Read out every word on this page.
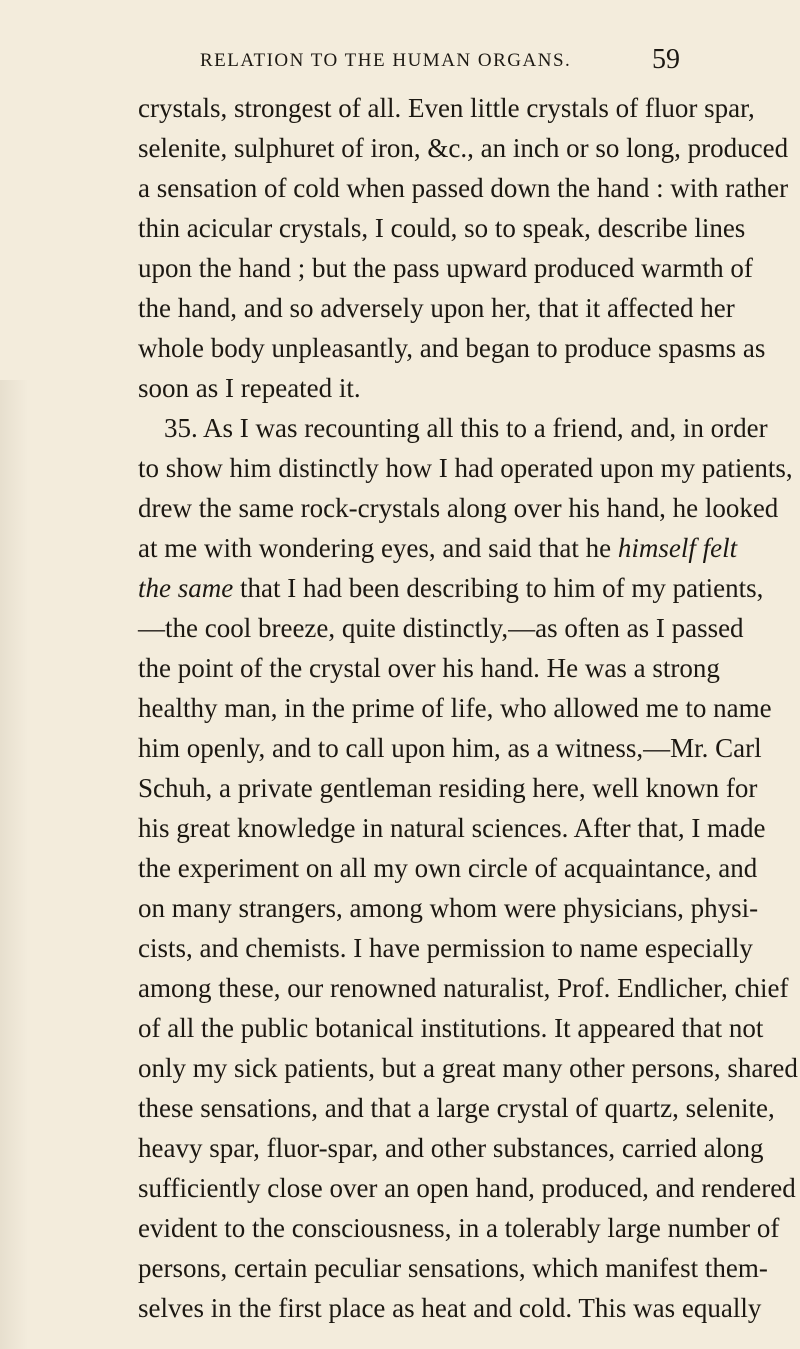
RELATION TO THE HUMAN ORGANS.	59
crystals, strongest of all. Even little crystals of fluor spar,
selenite, sulphuret of iron, &c., an inch or so long, produced
a sensation of cold when passed down the hand : with rather
thin acicular crystals, I could, so to speak, describe lines
upon the hand ; but the pass upward produced warmth of
the hand, and so adversely upon her, that it affected her
whole body unpleasantly, and began to produce spasms as
soon as I repeated it.
35. As I was recounting all this to a friend, and, in order
to show him distinctly how I had operated upon my patients,
drew the same rock-crystals along over his hand, he looked
at me with wondering eyes, and said that he himself felt
the same that I had been describing to him of my patients,
—the cool breeze, quite distinctly,—as often as I passed
the point of the crystal over his hand. He was a strong
healthy man, in the prime of life, who allowed me to name
him openly, and to call upon him, as a witness,—Mr. Carl
Schuh, a private gentleman residing here, well known for
his great knowledge in natural sciences. After that, I made
the experiment on all my own circle of acquaintance, and
on many strangers, among whom were physicians, physi-
cists, and chemists. I have permission to name especially
among these, our renowned naturalist, Prof. Endlicher, chief
of all the public botanical institutions. It appeared that not
only my sick patients, but a great many other persons, shared
these sensations, and that a large crystal of quartz, selenite,
heavy spar, fluor-spar, and other substances, carried along
sufficiently close over an open hand, produced, and rendered
evident to the consciousness, in a tolerably large number of
persons, certain peculiar sensations, which manifest them-
selves in the first place as heat and cold. This was equally
